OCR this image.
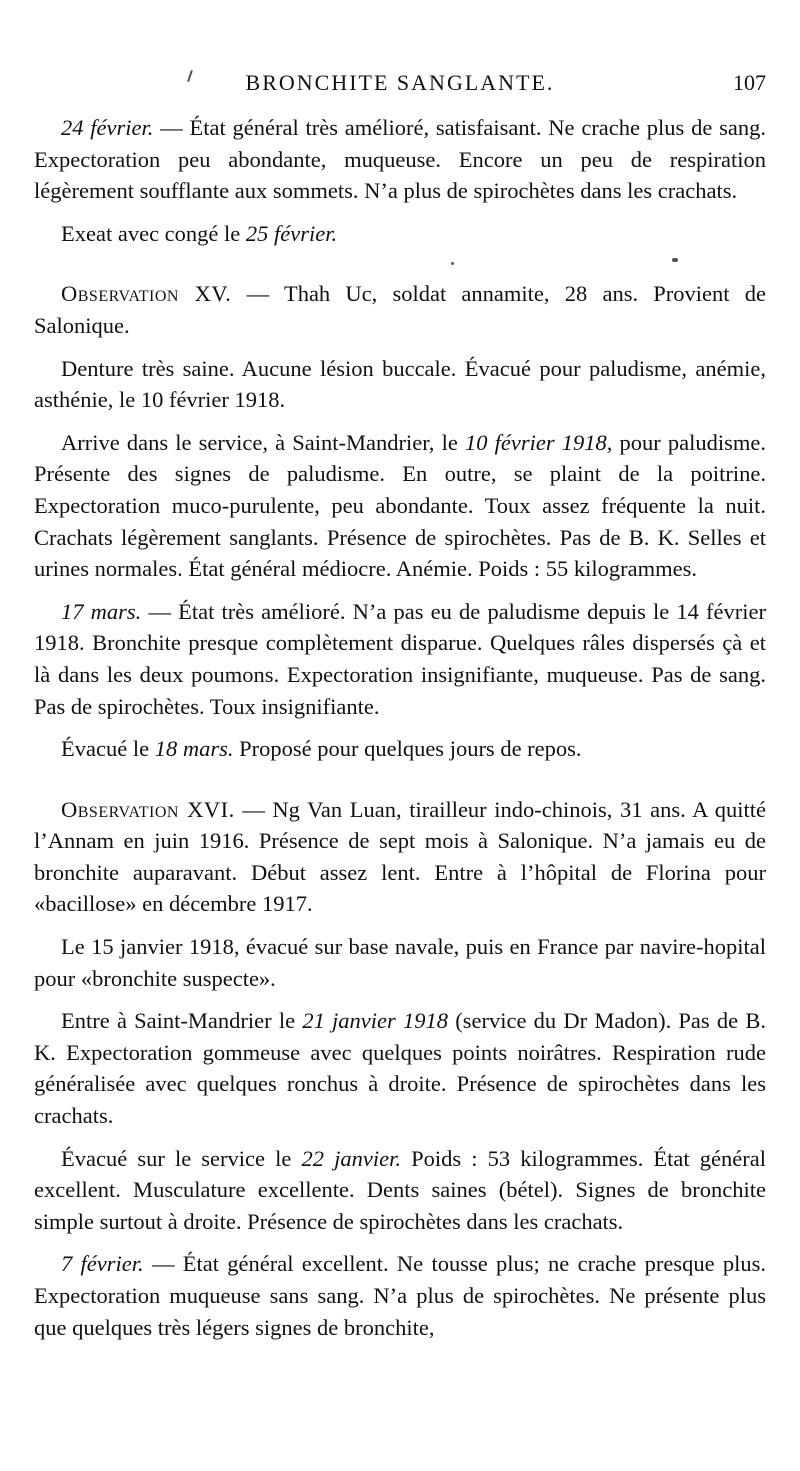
BRONCHITE SANGLANTE.	107

24 février. — État général très amélioré, satisfaisant. Ne crache plus de sang. Expectoration peu abondante, muqueuse. Encore un peu de respiration légèrement soufflante aux sommets. N’a plus de spirochètes dans les crachats.

Exeat avec congé le 25 février.

Observation XV. — Thah Uc, soldat annamite, 28 ans. Provient de Salonique.

Denture très saine. Aucune lésion buccale. Évacué pour paludisme, anémie, asthénie, le 10 février 1918.

Arrive dans le service, à Saint-Mandrier, le 10 février 1918, pour paludisme. Présente des signes de paludisme. En outre, se plaint de la poitrine. Expectoration muco-purulente, peu abondante. Toux assez fréquente la nuit. Crachats légèrement sanglants. Présence de spirochètes. Pas de B. K. Selles et urines normales. État général médiocre. Anémie. Poids : 55 kilogrammes.

17 mars. — État très amélioré. N’a pas eu de paludisme depuis le 14 février 1918. Bronchite presque complètement disparue. Quelques râles dispersés çà et là dans les deux poumons. Expectoration insignifiante, muqueuse. Pas de sang. Pas de spirochètes. Toux insignifiante.

Évacué le 18 mars. Proposé pour quelques jours de repos.

Observation XVI. — Ng Van Luan, tirailleur indo-chinois, 31 ans. A quitté l’Annam en juin 1916. Présence de sept mois à Salonique. N’a jamais eu de bronchite auparavant. Début assez lent. Entre à l’hôpital de Florina pour «bacillose» en décembre 1917.

Le 15 janvier 1918, évacué sur base navale, puis en France par navire-hopital pour «bronchite suspecte».

Entre à Saint-Mandrier le 21 janvier 1918 (service du Dr Madon). Pas de B. K. Expectoration gommeuse avec quelques points noirâtres. Respiration rude généralisée avec quelques ronchus à droite. Présence de spirochètes dans les crachats.

Évacué sur le service le 22 janvier. Poids : 53 kilogrammes. État général excellent. Musculature excellente. Dents saines (bétel). Signes de bronchite simple surtout à droite. Présence de spirochètes dans les crachats.

7 février. — État général excellent. Ne tousse plus; ne crache presque plus. Expectoration muqueuse sans sang. N’a plus de spirochètes. Ne présente plus que quelques très légers signes de bronchite,
